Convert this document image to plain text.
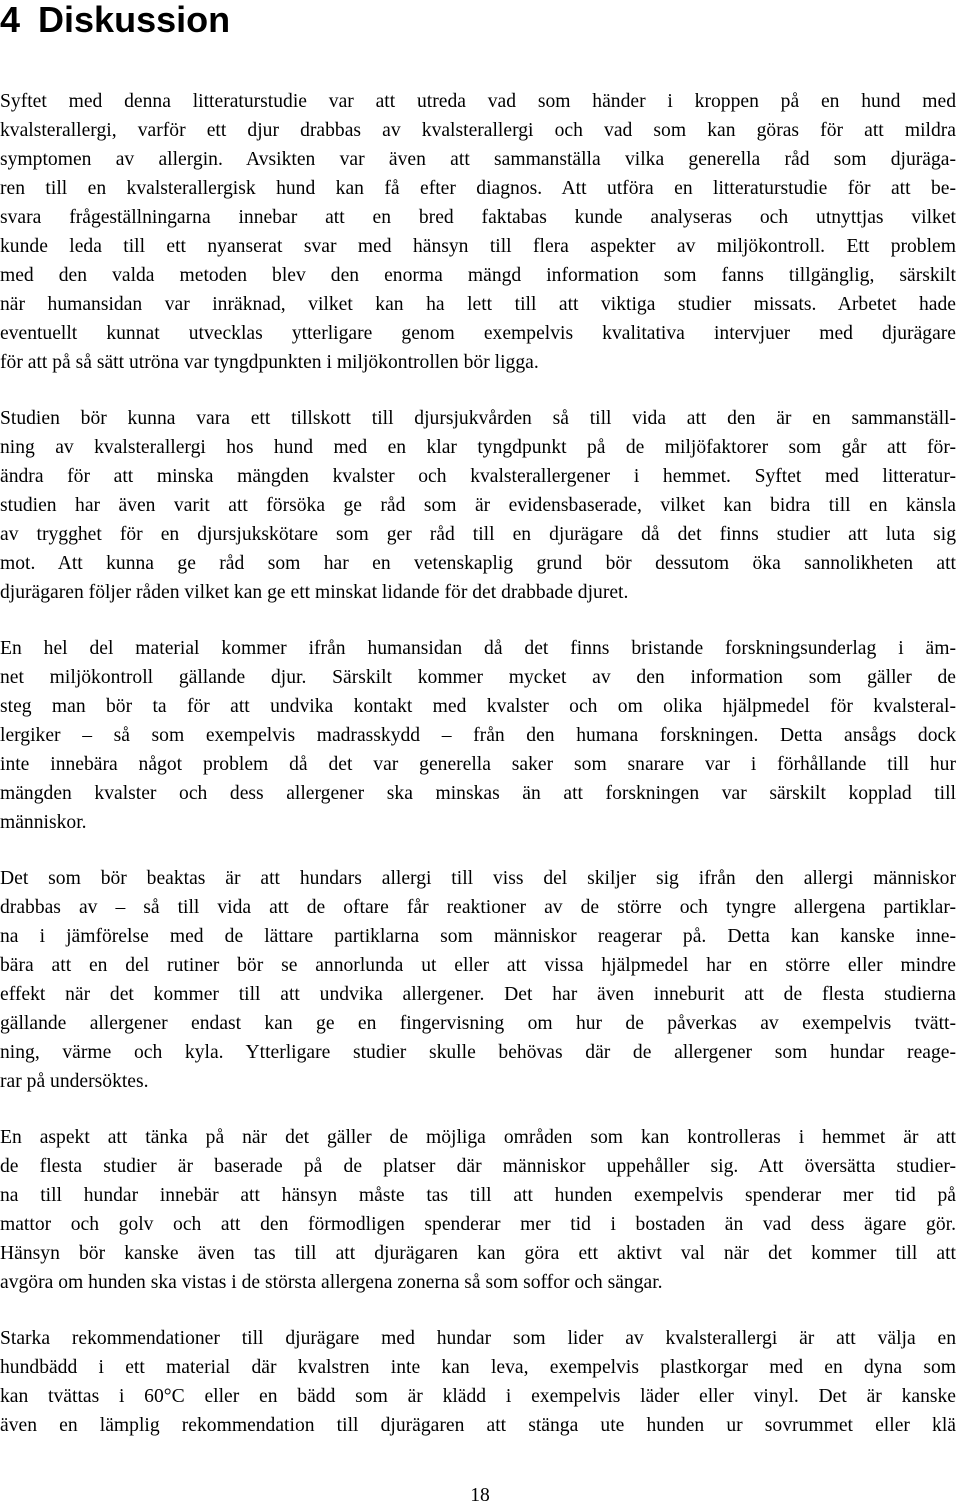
4 Diskussion

Syftet med denna litteraturstudie var att utreda vad som händer i kroppen på en hund med
kvalsterallergi, varför ett djur drabbas av kvalsterallergi och vad som kan göras för att mildra
symptomen av allergin. Avsikten var även att sammanställa vilka generella råd som djuräga-
ren till en kvalsterallergisk hund kan få efter diagnos. Att utföra en litteraturstudie för att be-
svara frågeställningarna innebar att en bred faktabas kunde analyseras och utnyttjas vilket
kunde leda till ett nyanserat svar med hänsyn till flera aspekter av miljökontroll. Ett problem
med den valda metoden blev den enorma mängd information som fanns tillgänglig, särskilt
när humansidan var inräknad, vilket kan ha lett till att viktiga studier missats. Arbetet hade
eventuellt kunnat utvecklas ytterligare genom exempelvis kvalitativa intervjuer med djurägare
för att på så sätt utröna var tyngdpunkten i miljökontrollen bör ligga.

Studien bör kunna vara ett tillskott till djursjukvården så till vida att den är en sammanställ-
ning av kvalsterallergi hos hund med en klar tyngdpunkt på de miljöfaktorer som går att för-
ändra för att minska mängden kvalster och kvalsterallergener i hemmet. Syftet med litteratur-
studien har även varit att försöka ge råd som är evidensbaserade, vilket kan bidra till en känsla
av trygghet för en djursjukskötare som ger råd till en djurägare då det finns studier att luta sig
mot. Att kunna ge råd som har en vetenskaplig grund bör dessutom öka sannolikheten att
djurägaren följer råden vilket kan ge ett minskat lidande för det drabbade djuret.

En hel del material kommer ifrån humansidan då det finns bristande forskningsunderlag i äm-
net miljökontroll gällande djur. Särskilt kommer mycket av den information som gäller de
steg man bör ta för att undvika kontakt med kvalster och om olika hjälpmedel för kvalsteral-
lergiker – så som exempelvis madrasskydd – från den humana forskningen. Detta ansågs dock
inte innebära något problem då det var generella saker som snarare var i förhållande till hur
mängden kvalster och dess allergener ska minskas än att forskningen var särskilt kopplad till
människor.

Det som bör beaktas är att hundars allergi till viss del skiljer sig ifrån den allergi människor
drabbas av – så till vida att de oftare får reaktioner av de större och tyngre allergena partiklar-
na i jämförelse med de lättare partiklarna som människor reagerar på. Detta kan kanske inne-
bära att en del rutiner bör se annorlunda ut eller att vissa hjälpmedel har en större eller mindre
effekt när det kommer till att undvika allergener. Det har även inneburit att de flesta studierna
gällande allergener endast kan ge en fingervisning om hur de påverkas av exempelvis tvätt-
ning, värme och kyla. Ytterligare studier skulle behövas där de allergener som hundar reage-
rar på undersöktes.

En aspekt att tänka på när det gäller de möjliga områden som kan kontrolleras i hemmet är att
de flesta studier är baserade på de platser där människor uppehåller sig. Att översätta studier-
na till hundar innebär att hänsyn måste tas till att hunden exempelvis spenderar mer tid på
mattor och golv och att den förmodligen spenderar mer tid i bostaden än vad dess ägare gör.
Hänsyn bör kanske även tas till att djurägaren kan göra ett aktivt val när det kommer till att
avgöra om hunden ska vistas i de största allergena zonerna så som soffor och sängar.

Starka rekommendationer till djurägare med hundar som lider av kvalsterallergi är att välja en
hundbädd i ett material där kvalstren inte kan leva, exempelvis plastkorgar med en dyna som
kan tvättas i 60°C eller en bädd som är klädd i exempelvis läder eller vinyl. Det är kanske
även en lämplig rekommendation till djurägaren att stänga ute hunden ur sovrummet eller klä

18
